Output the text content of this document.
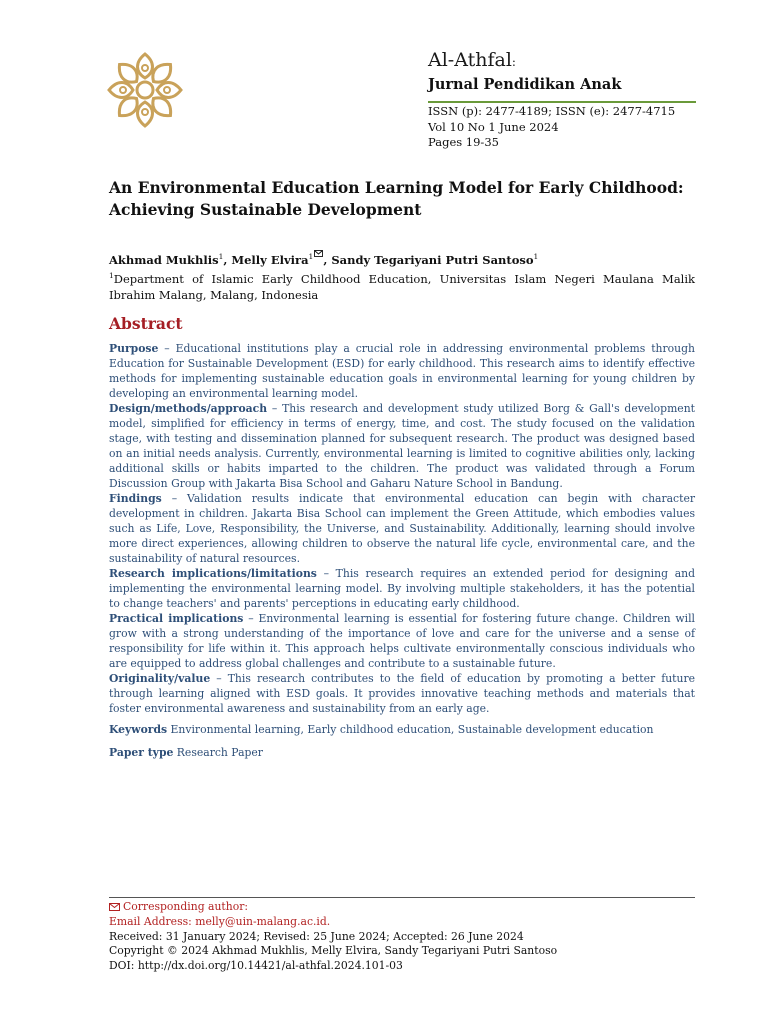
Al-Athfal:
Jurnal Pendidikan Anak
ISSN (p): 2477-4189; ISSN (e): 2477-4715
Vol 10 No 1 June 2024
Pages 19-35
An Environmental Education Learning Model for Early Childhood: Achieving Sustainable Development
Akhmad Mukhlis$^1$, Melly Elvira$^1$ , Sandy Tegariyani Putri Santoso$^1$
$^1$Department of Islamic Early Childhood Education, Universitas Islam Negeri Maulana Malik Ibrahim Malang, Malang, Indonesia
Abstract

Purpose – Educational institutions play a crucial role in addressing environmental problems through Education for Sustainable Development (ESD) for early childhood. This research aims to identify effective methods for implementing sustainable education goals in environmental learning for young children by developing an environmental learning model.

Design/methods/approach – This research and development study utilized Borg & Gall's development model, simplified for efficiency in terms of energy, time, and cost. The study focused on the validation stage, with testing and dissemination planned for subsequent research. The product was designed based on an initial needs analysis. Currently, environmental learning is limited to cognitive abilities only, lacking additional skills or habits imparted to the children. The product was validated through a Forum Discussion Group with Jakarta Bisa School and Gaharu Nature School in Bandung.

Findings – Validation results indicate that environmental education can begin with character development in children. Jakarta Bisa School can implement the Green Attitude, which embodies values such as Life, Love, Responsibility, the Universe, and Sustainability. Additionally, learning should involve more direct experiences, allowing children to observe the natural life cycle, environmental care, and the sustainability of natural resources.

Research implications/limitations – This research requires an extended period for designing and implementing the environmental learning model. By involving multiple stakeholders, it has the potential to change teachers' and parents' perceptions in educating early childhood.

Practical implications – Environmental learning is essential for fostering future change. Children will grow with a strong understanding of the importance of love and care for the universe and a sense of responsibility for life within it. This approach helps cultivate environmentally conscious individuals who are equipped to address global challenges and contribute to a sustainable future.

Originality/value – This research contributes to the field of education by promoting a better future through learning aligned with ESD goals. It provides innovative teaching methods and materials that foster environmental awareness and sustainability from an early age.

Keywords Environmental learning, Early childhood education, Sustainable development education
Paper type Research Paper
Corresponding author:
Email Address: melly@uin-malang.ac.id.
Received: 31 January 2024; Revised: 25 June 2024; Accepted: 26 June 2024
Copyright © 2024 Akhmad Mukhlis, Melly Elvira, Sandy Tegariyani Putri Santoso
DOI: http://dx.doi.org/10.14421/al-athfal.2024.101-03
